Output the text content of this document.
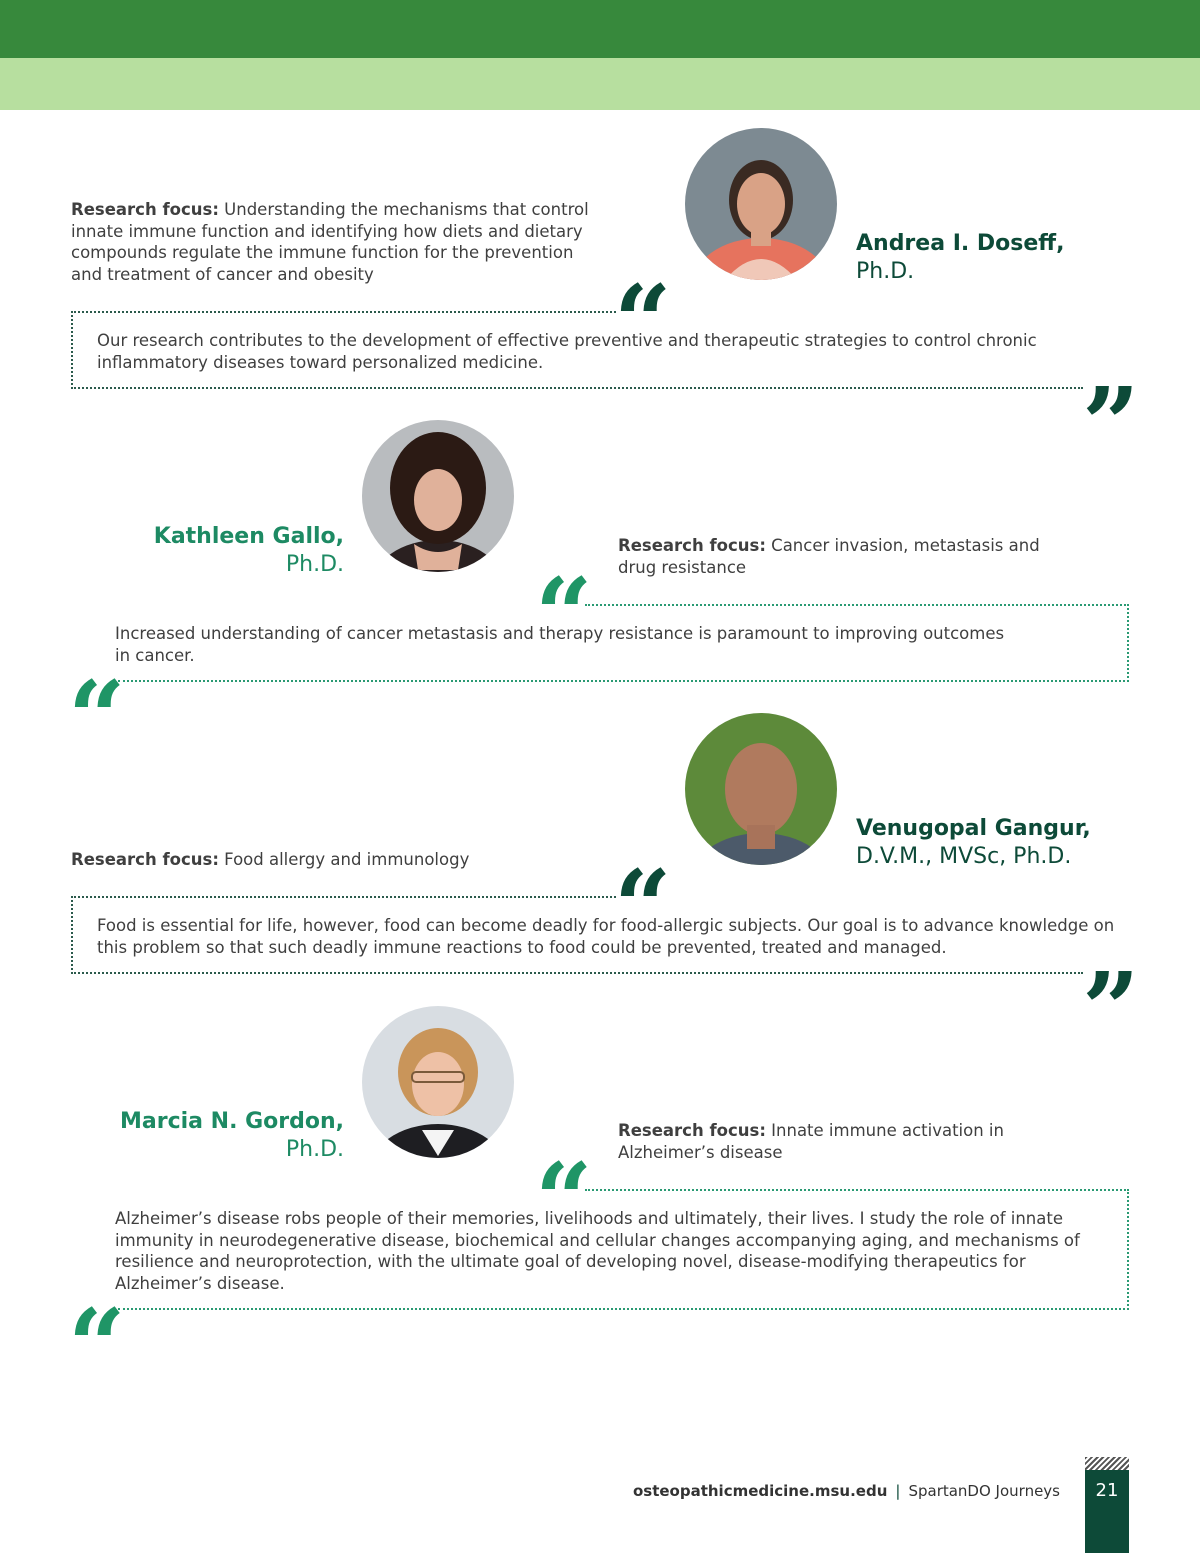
Andrea I. Doseff,
Ph.D.
Research focus: Understanding the mechanisms that control innate immune function and identifying how diets and dietary compounds regulate the immune function for the prevention and treatment of cancer and obesity	“
Our research contributes to the development of effective preventive and therapeutic strategies to control chronic inflammatory diseases toward personalized medicine.
”
Kathleen Gallo,
Ph.D.
Research focus: Cancer invasion, metastasis and drug resistance
“
Increased understanding of cancer metastasis and therapy resistance is paramount to improving outcomes in cancer.
“
Venugopal Gangur,
D.V.M., MVSc, Ph.D.
Research focus: Food allergy and immunology	“
Food is essential for life, however, food can become deadly for food-allergic subjects. Our goal is to advance knowledge on this problem so that such deadly immune reactions to food could be prevented, treated and managed.
”
Marcia N. Gordon,
Ph.D.
Research focus: Innate immune activation in Alzheimer’s disease
“
Alzheimer’s disease robs people of their memories, livelihoods and ultimately, their lives. I study the role of innate immunity in neurodegenerative disease, biochemical and cellular changes accompanying aging, and mechanisms of resilience and neuroprotection, with the ultimate goal of developing novel, disease-modifying therapeutics for Alzheimer’s disease.
“
osteopathicmedicine.msu.edu | SpartanDO Journeys	21
